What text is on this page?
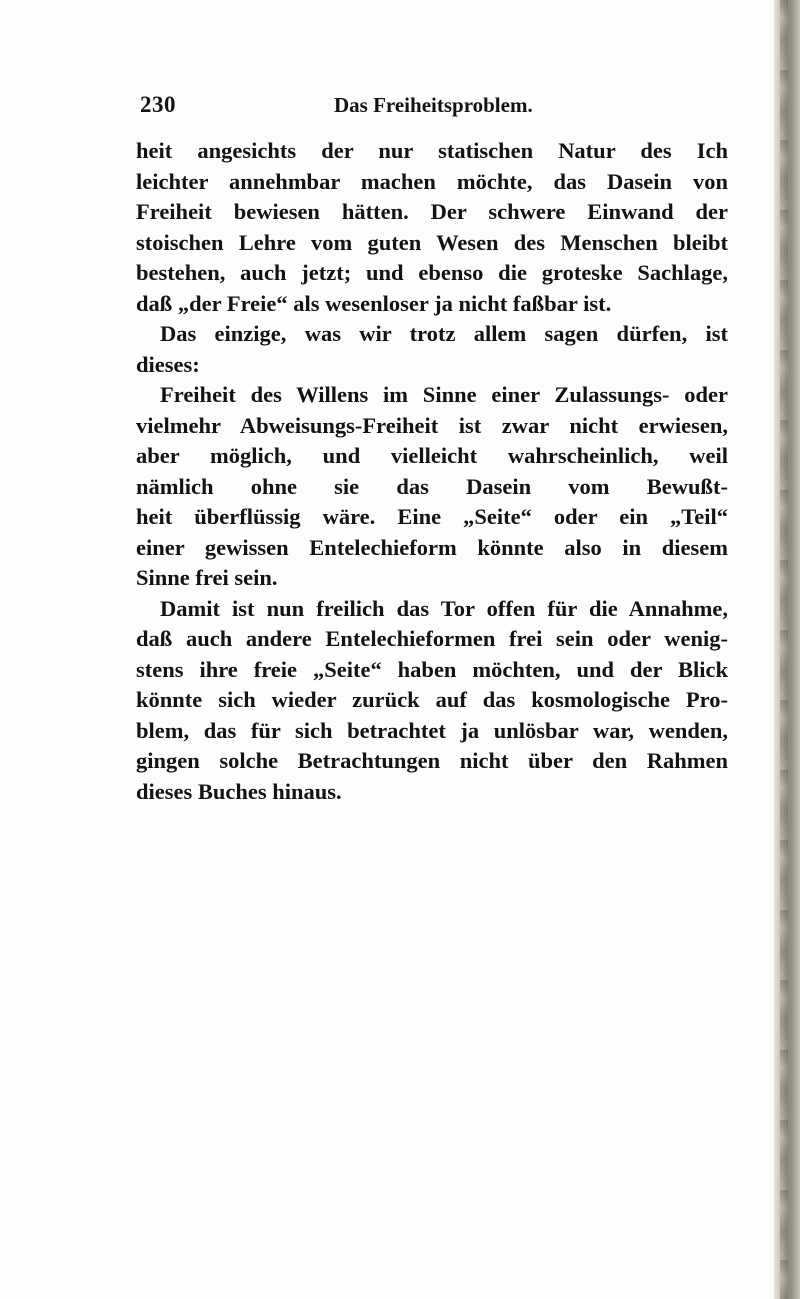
230	Das Freiheitsproblem.
heit angesichts der nur statischen Natur des Ich
leichter annehmbar machen möchte, das Dasein von
Freiheit bewiesen hätten. Der schwere Einwand der
stoischen Lehre vom guten Wesen des Menschen bleibt
bestehen, auch jetzt; und ebenso die groteske Sachlage,
daß „der Freie“ als wesenloser ja nicht faßbar ist.
Das einzige, was wir trotz allem sagen dürfen, ist
dieses:
Freiheit des Willens im Sinne einer Zulassungs- oder
vielmehr Abweisungs-Freiheit ist zwar nicht erwiesen,
aber möglich, und vielleicht wahrscheinlich, weil
nämlich ohne sie das Dasein vom Bewußt-
heit überflüssig wäre. Eine „Seite“ oder ein „Teil“
einer gewissen Entelechieform könnte also in diesem
Sinne frei sein.
Damit ist nun freilich das Tor offen für die Annahme,
daß auch andere Entelechieformen frei sein oder wenig-
stens ihre freie „Seite“ haben möchten, und der Blick
könnte sich wieder zurück auf das kosmologische Pro-
blem, das für sich betrachtet ja unlösbar war, wenden,
gingen solche Betrachtungen nicht über den Rahmen
dieses Buches hinaus.
